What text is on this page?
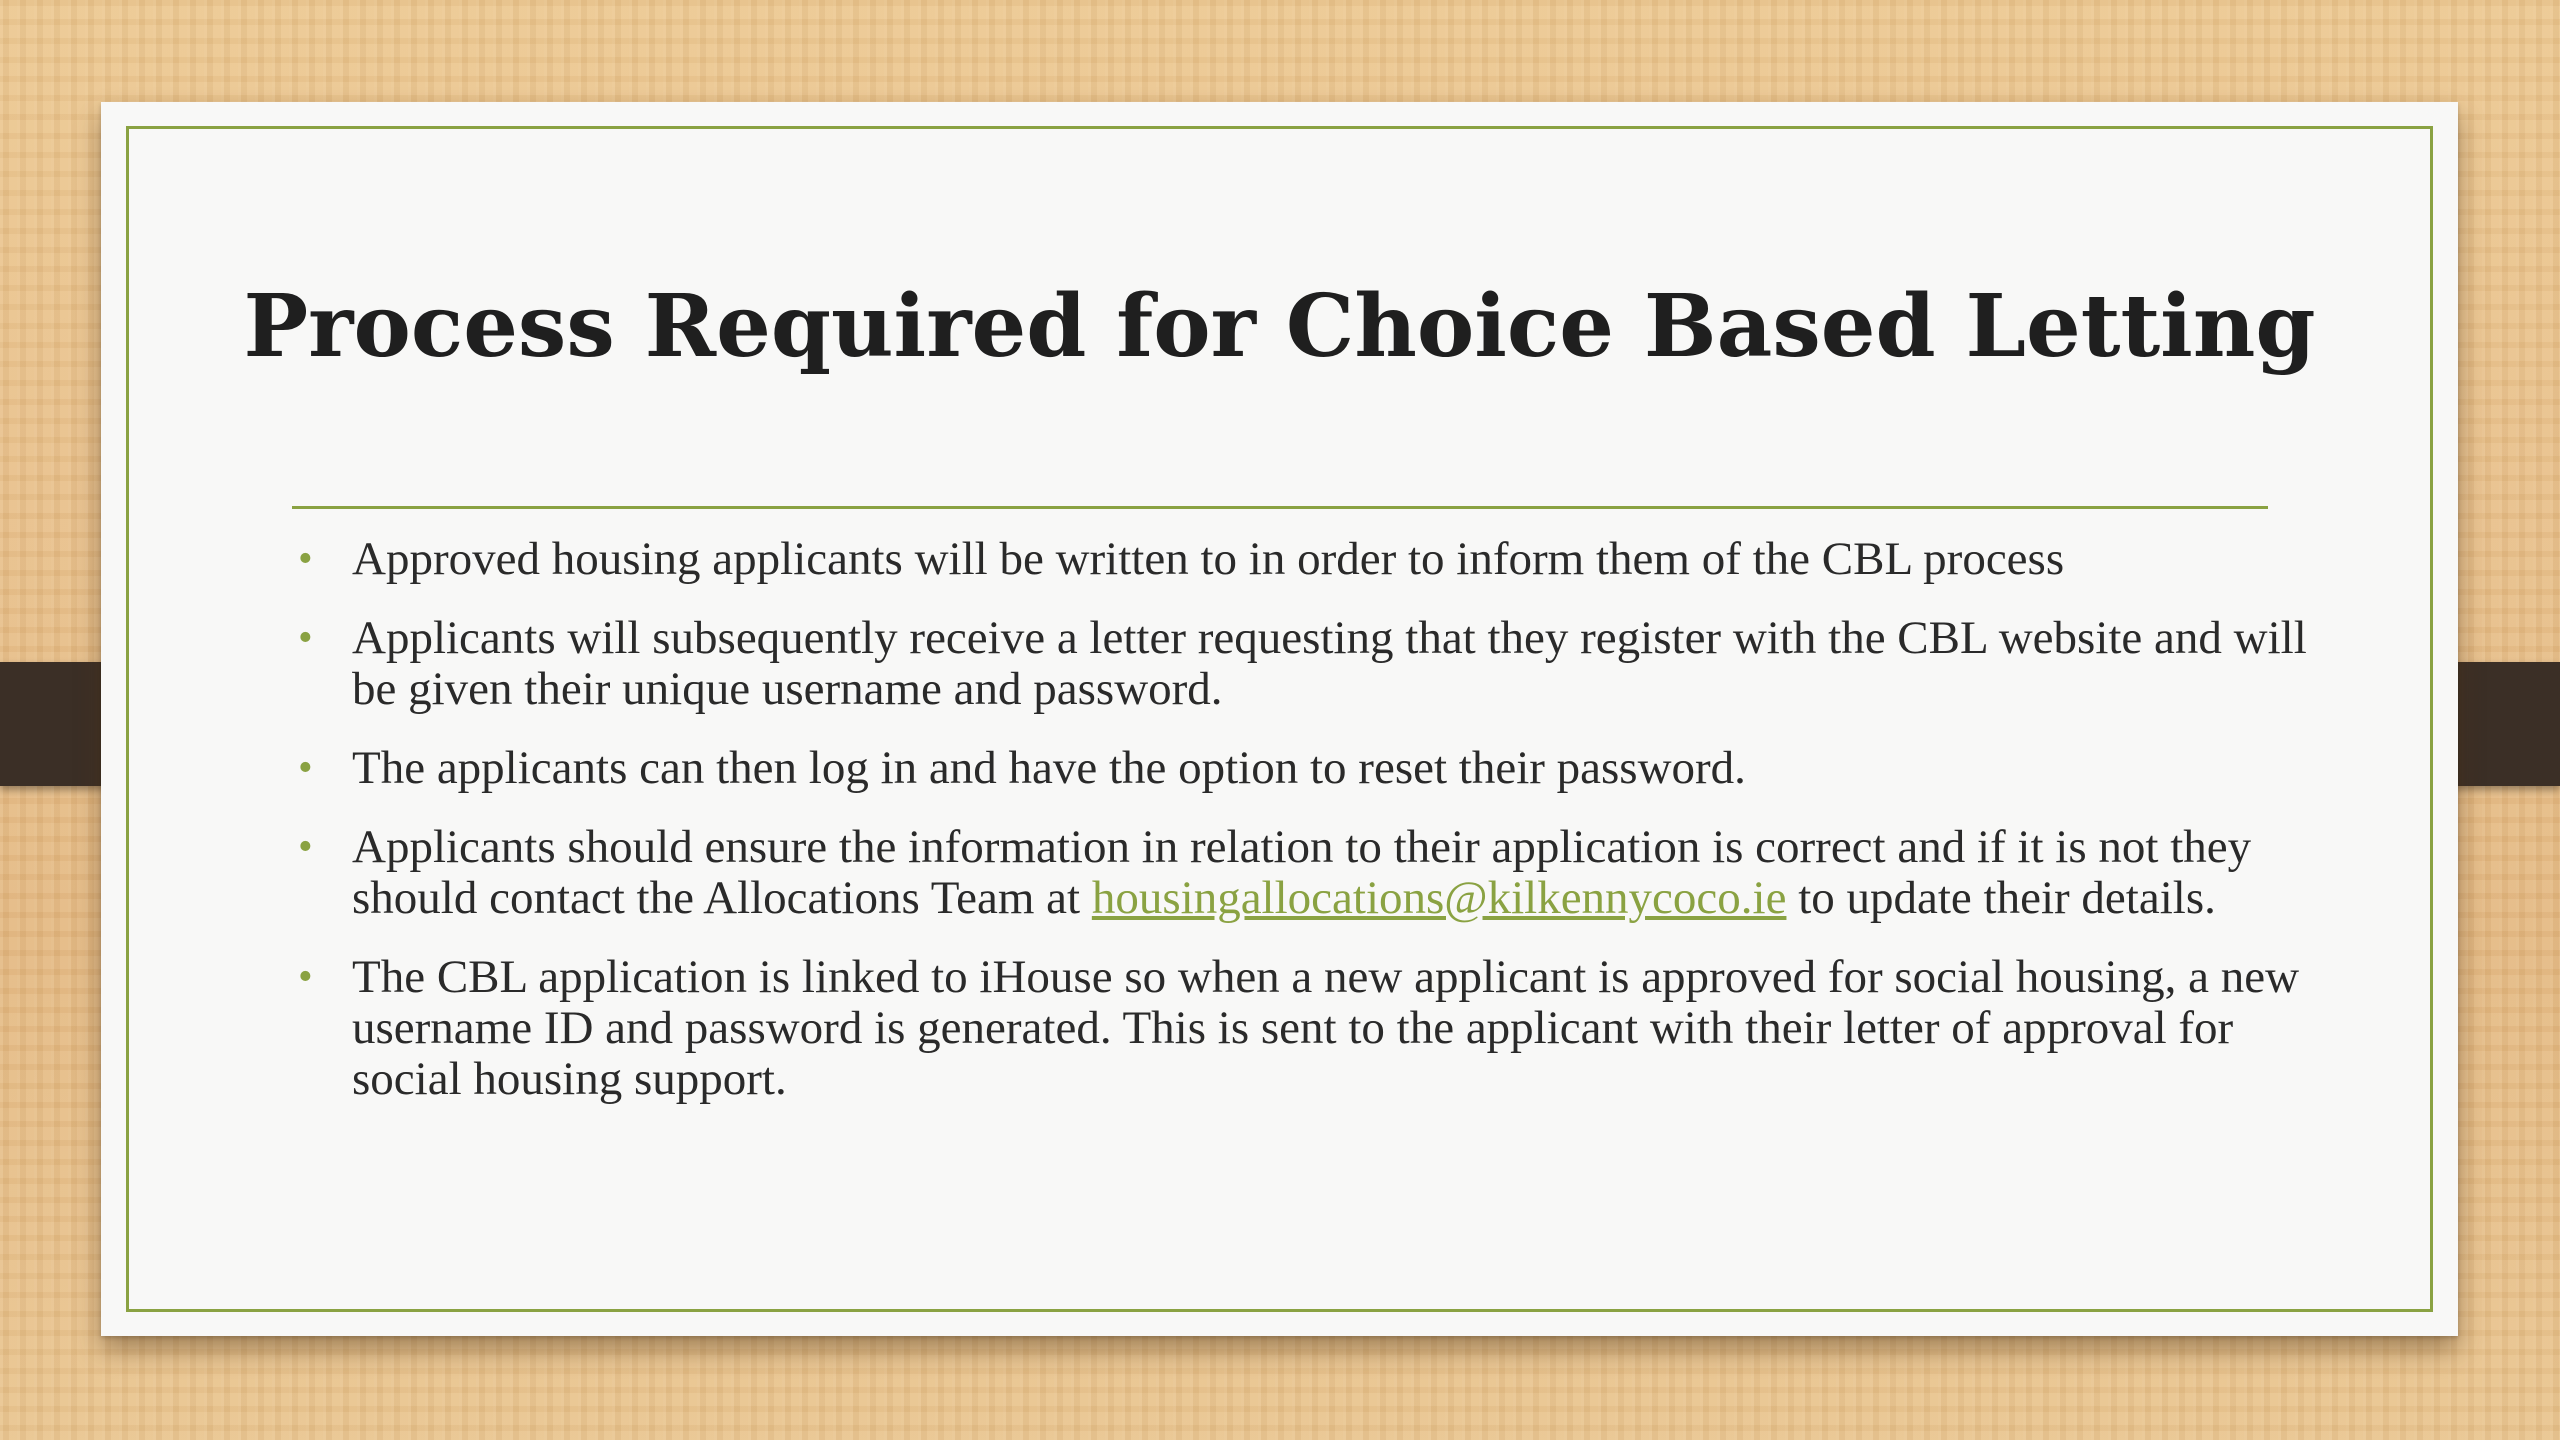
Process Required for Choice Based Letting
• Approved housing applicants will be written to in order to inform them of the CBL process
• Applicants will subsequently receive a letter requesting that they register with the CBL website and will be given their unique username and password.
• The applicants can then log in and have the option to reset their password.
• Applicants should ensure the information in relation to their application is correct and if it is not they should contact the Allocations Team at housingallocations@kilkennycoco.ie to update their details.
• The CBL application is linked to iHouse so when a new applicant is approved for social housing, a new username ID and password is generated. This is sent to the applicant with their letter of approval for social housing support.
